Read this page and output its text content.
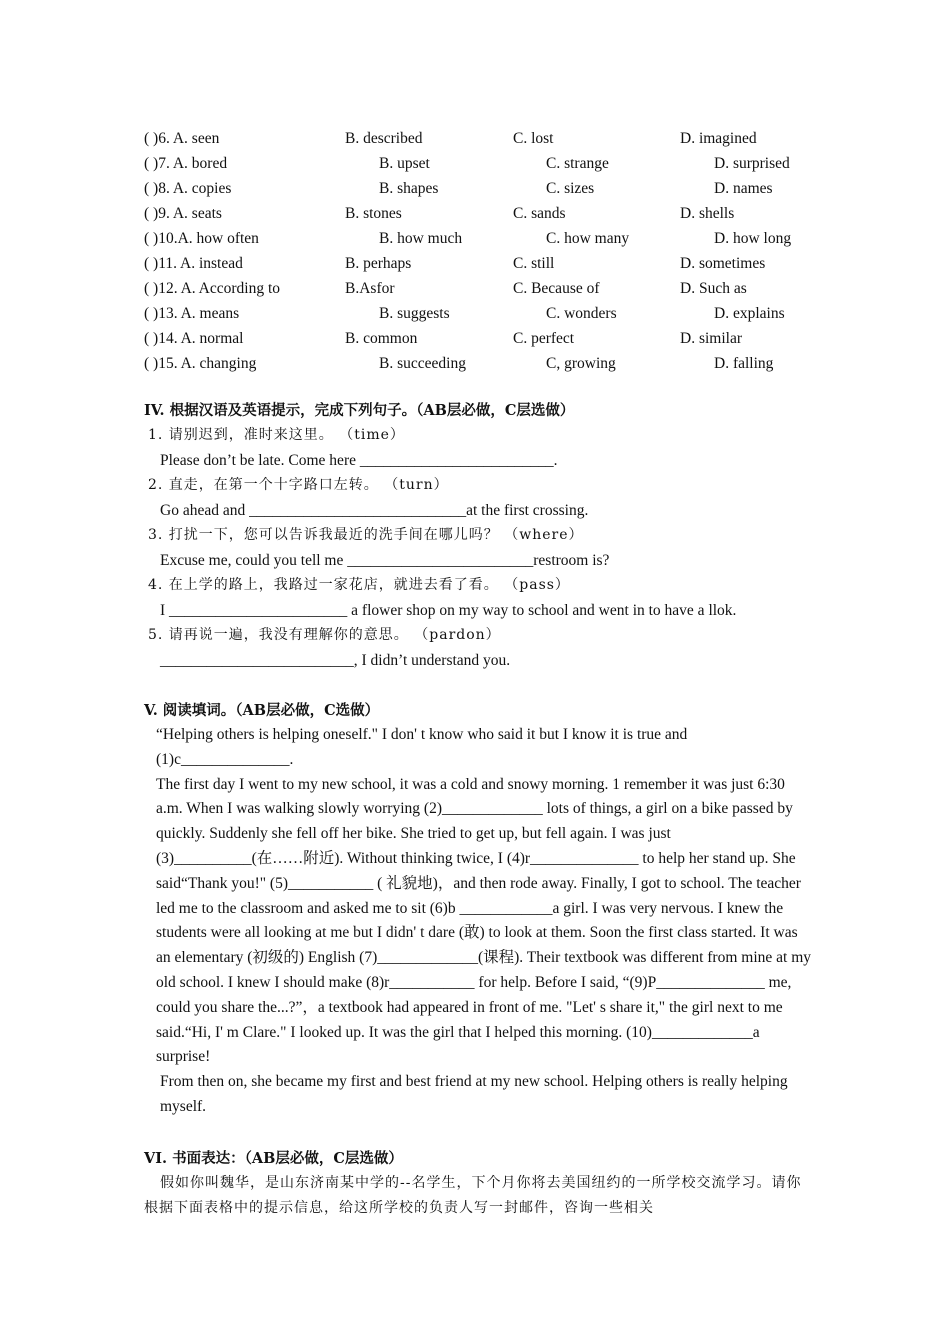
( )6. A. seen	B. described	C. lost	D. imagined
( )7. A. bored	B. upset	C. strange	D. surprised
( )8. A. copies	B. shapes	C. sizes	D. names
( )9. A. seats	B. stones	C. sands	D. shells
( )10.A. how often	B. how much	C. how many	D. how long
( )11. A. instead	B. perhaps	C. still	D. sometimes
( )12. A. According to	B.Asfor	C. Because of	D. Such as
( )13. A. means	B. suggests	C. wonders	D. explains
( )14. A. normal	B. common	C. perfect	D. similar
( )15. A. changing	B. succeeding	C, growing	D. falling
IV. 根据汉语及英语提示，完成下列句子。（AB层必做，C层选做）
1. 请别迟到，准时来这里。 （time）
Please don’t be late. Come here _________________________.
2. 直走，在第一个十字路口左转。 （turn）
Go ahead and ____________________________at the first crossing.
3. 打扰一下，您可以告诉我最近的洗手间在哪儿吗？ （where）
Excuse me, could you tell me ________________________restroom is?
4. 在上学的路上，我路过一家花店，就进去看了看。 （pass）
I _______________________ a flower shop on my way to school and went in to have a llok.
5. 请再说一遍，我没有理解你的意思。 （pardon）
_________________________, I didn’t understand you.
V. 阅读填词。（AB层必做，C选做）
“Helping others is helping oneself." I don' t know who said it but I know it is true and (1)c______________.
The first day I went to my new school, it was a cold and snowy morning. 1 remember it was just 6:30 a.m. When I was walking slowly worrying (2)_____________ lots of things, a girl on a bike passed by quickly. Suddenly she fell off her bike. She tried to get up, but fell again. I was just (3)__________(在……附近). Without thinking twice, I (4)r______________ to help her stand up. She said“Thank you!" (5)___________ ( 礼貌地)，and then rode away. Finally, I got to school. The teacher led me to the classroom and asked me to sit (6)b ____________a girl. I was very nervous. I knew the students were all looking at me but I didn' t dare (敢) to look at them. Soon the first class started. It was an elementary (初级的) English (7)_____________(课程). Their textbook was different from mine at my old school. I knew I should make (8)r___________ for help. Before I said, “(9)P______________ me, could you share the...?”，a textbook had appeared in front of me. "Let' s share it," the girl next to me said.“Hi, I' m Clare." I looked up. It was the girl that I helped this morning. (10)_____________a surprise!
From then on, she became my first and best friend at my new school. Helping others is really helping myself.
VI. 书面表达：（AB层必做，C层选做）
假如你叫魏华，是山东济南某中学的--名学生，下个月你将去美国纽约的一所学校交流学习。请你根据下面表格中的提示信息，给这所学校的负责人写一封邮件，咨询一些相关
